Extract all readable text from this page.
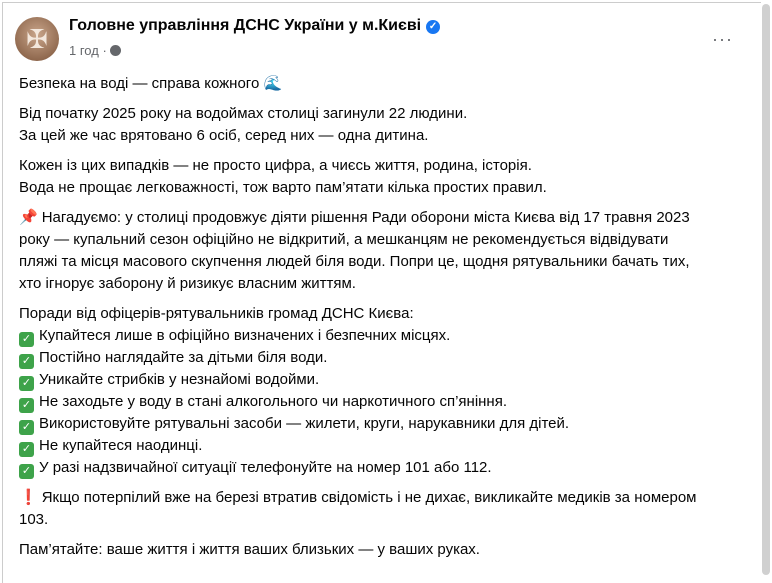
✠ Головне управління ДСНС України у м.Києві ✓
1 год ·
···
Безпека на воді — справа кожного 🌊
Від початку 2025 року на водоймах столиці загинули 22 людини.
За цей же час врятовано 6 осіб, серед них — одна дитина.
Кожен із цих випадків — не просто цифра, а чиєсь життя, родина, історія.
Вода не прощає легковажності, тож варто пам’ятати кілька простих правил.
📌 Нагадуємо: у столиці продовжує діяти рішення Ради оборони міста Києва від 17 травня 2023
року — купальний сезон офіційно не відкритий, а мешканцям не рекомендується відвідувати
пляжі та місця масового скупчення людей біля води. Попри це, щодня рятувальники бачать тих,
хто ігнорує заборону й ризикує власним життям.
Поради від офіцерів-рятувальників громад ДСНС Києва:
✓ Купайтеся лише в офіційно визначених і безпечних місцях.
✓ Постійно наглядайте за дітьми біля води.
✓ Уникайте стрибків у незнайомі водойми.
✓ Не заходьте у воду в стані алкогольного чи наркотичного сп’яніння.
✓ Використовуйте рятувальні засоби — жилети, круги, нарукавники для дітей.
✓ Не купайтеся наодинці.
✓ У разі надзвичайної ситуації телефонуйте на номер 101 або 112.
❗ Якщо потерпілий вже на березі втратив свідомість і не дихає, викликайте медиків за номером
103.
Пам’ятайте: ваше життя і життя ваших близьких — у ваших руках.
